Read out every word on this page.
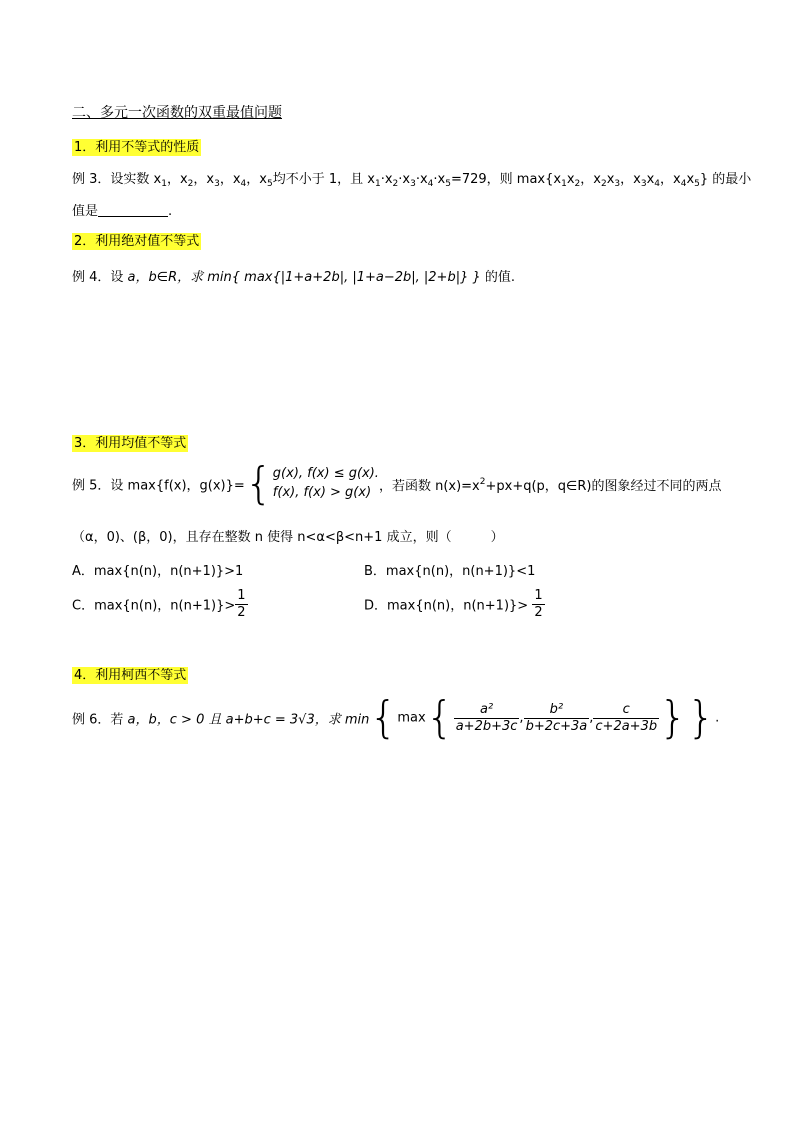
二、多元一次函数的双重最值问题
1．利用不等式的性质
例 3．设实数 $x_1$，$x_2$，$x_3$，$x_4$，$x_5$均不小于 1，且 $x_1\cdot x_2\cdot x_3\cdot x_4\cdot x_5=729$，则 $\max\{x_1x_2$，$x_2x_3$，$x_3x_4$，$x_4x_5$} 的最小
值是	.
2．利用绝对值不等式
例 4．设 a，b∈R，求 min{ max{|1+a+2b|, |1+a−2b|, |2+b|} } 的值.
3．利用均值不等式
例 5．设 max{f(x)，g(x)}={ g(x), f(x) ≤ g(x).
f(x), f(x) > g(x) ，若函数 $n(x)=x^2+px+q(p$，q∈R)的图象经过不同的两点
（α，0)、(β，0)，且存在整数 n 使得 n<α<β<n+1 成立，则（　　　）
A．max{n(n)，n(n+1)}>1	B．max{n(n)，n(n+1)}<1
C．max{n(n)，$n(n+1)\}> \frac{1}{2}$	D．max{n(n)，$n(n+1)\}> \frac{1}{2}$
4．利用柯西不等式
例 6．若 a，b，c > 0 且 a+b+c = 3√3，求 $\min\{\max\{ \frac{\text{a²}}{a+2b+3c}$ , $\frac{\text{b²}}{b+2c+3a}$ , $\frac{c}{c+2a+3b}$ }}.
